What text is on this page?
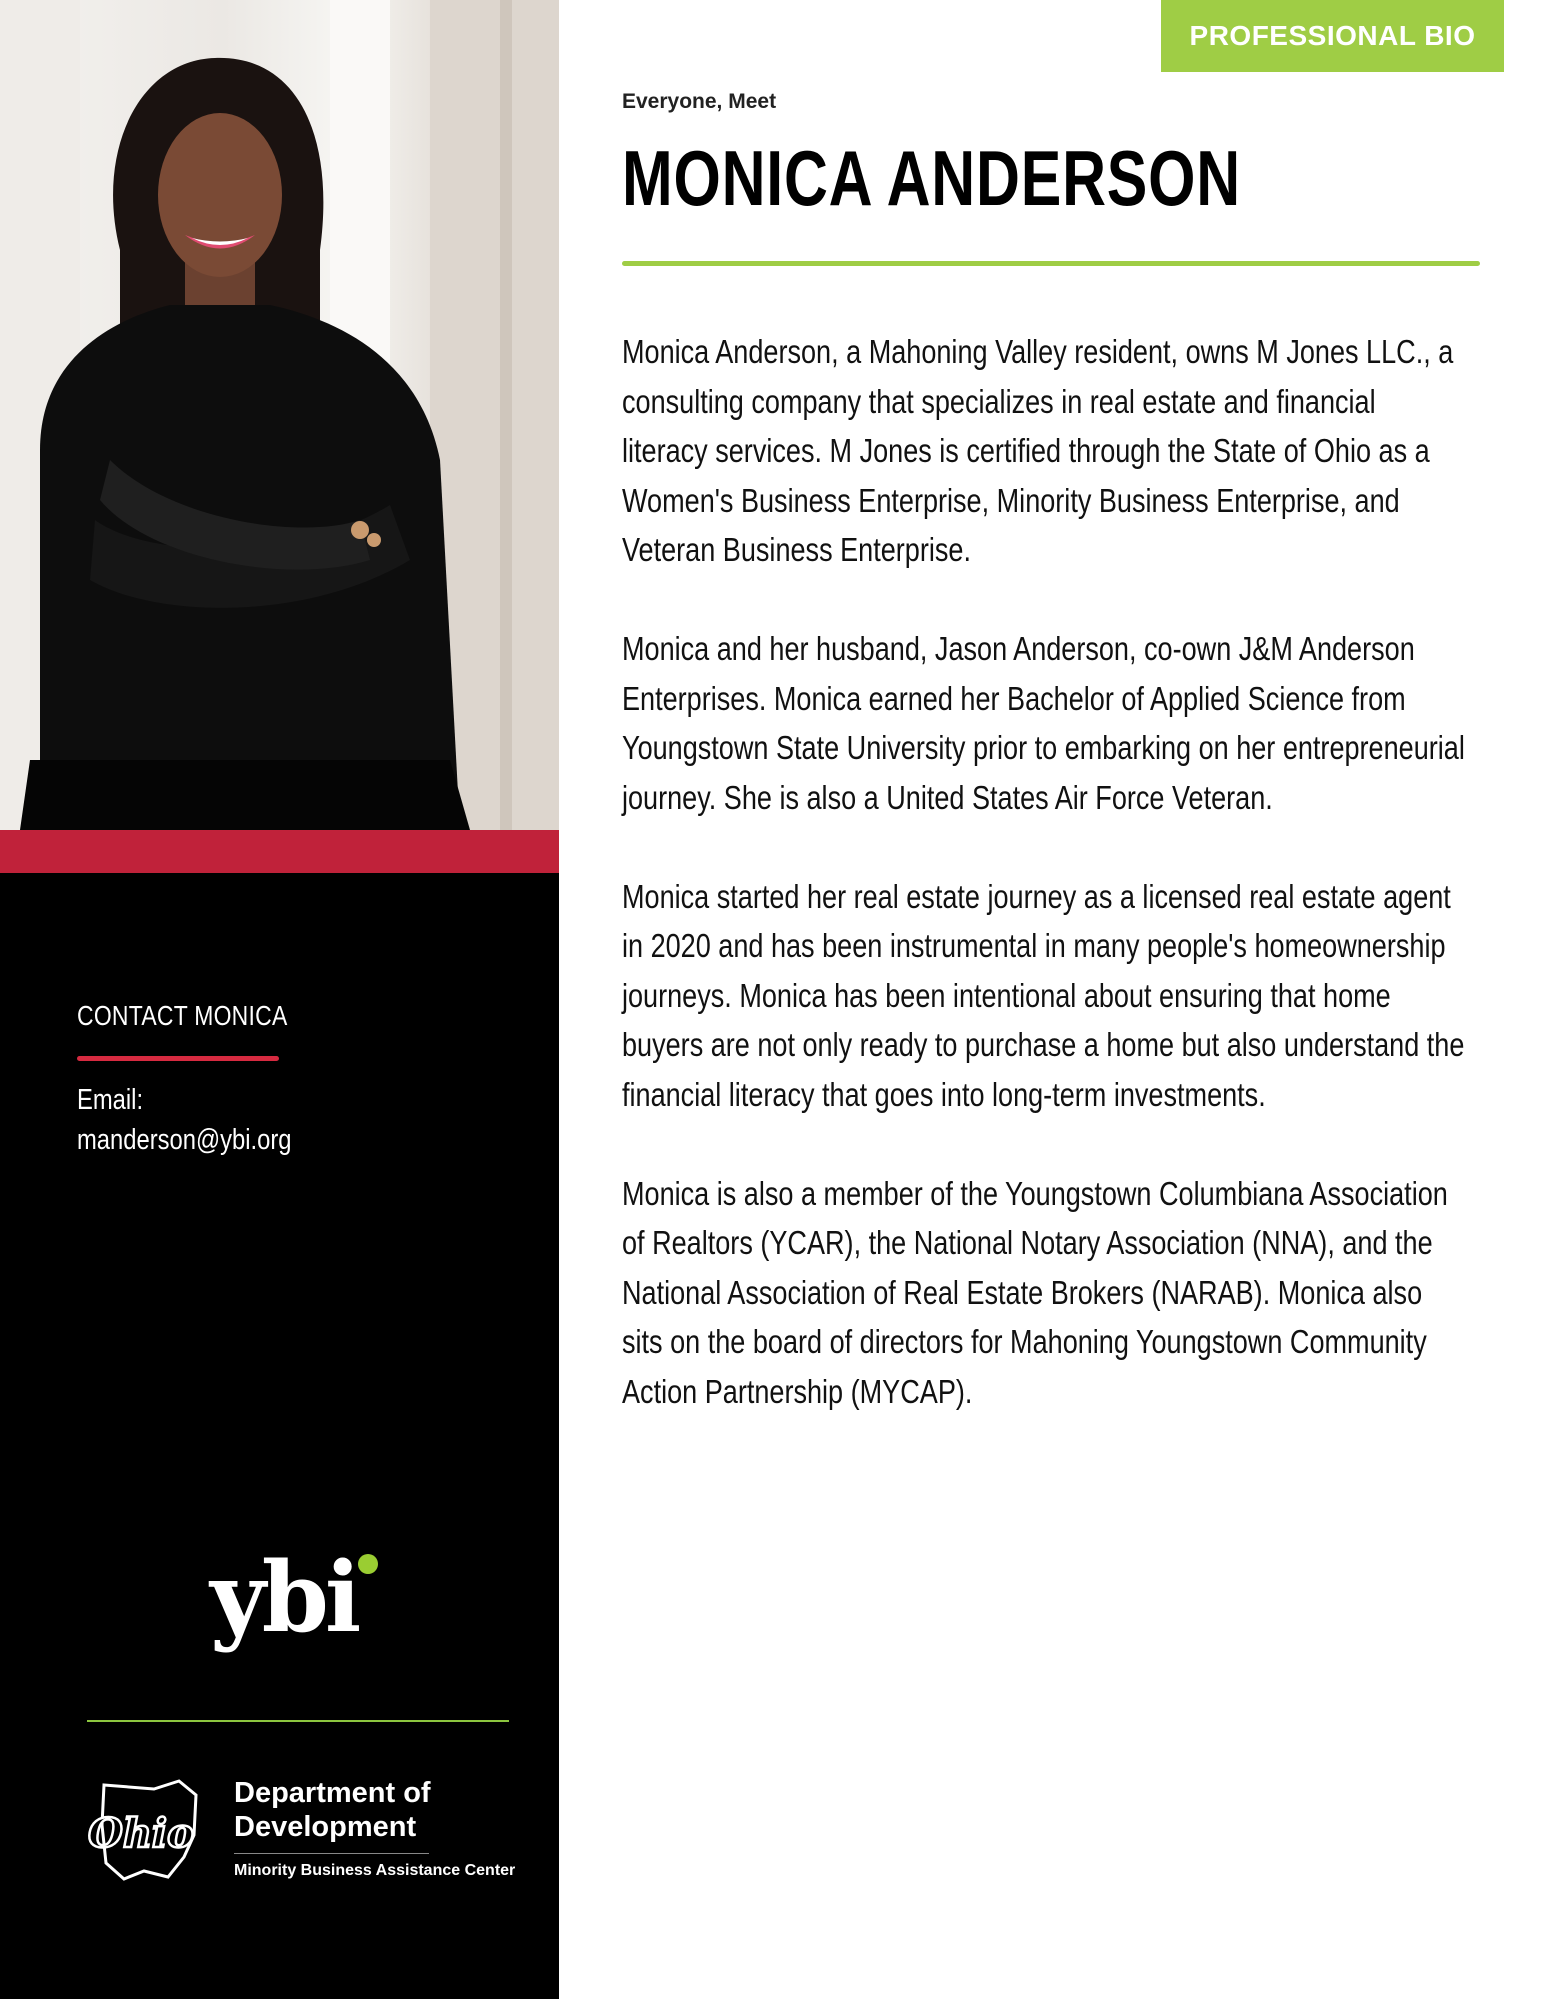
CONTACT MONICA
Email:
manderson@ybi.org
ybi
Ohio
Department of
Development
Minority Business Assistance Center
PROFESSIONAL BIO
Everyone, Meet
MONICA ANDERSON

Monica Anderson, a Mahoning Valley resident, owns M Jones LLC., a consulting company that specializes in real estate and financial literacy services. M Jones is certified through the State of Ohio as a Women's Business Enterprise, Minority Business Enterprise, and Veteran Business Enterprise.

Monica and her husband, Jason Anderson, co-own J&M Anderson Enterprises. Monica earned her Bachelor of Applied Science from Youngstown State University prior to embarking on her entrepreneurial journey. She is also a United States Air Force Veteran.

Monica started her real estate journey as a licensed real estate agent in 2020 and has been instrumental in many people's homeownership journeys. Monica has been intentional about ensuring that home buyers are not only ready to purchase a home but also understand the financial literacy that goes into long-term investments.

Monica is also a member of the Youngstown Columbiana Association of Realtors (YCAR), the National Notary Association (NNA), and the National Association of Real Estate Brokers (NARAB). Monica also sits on the board of directors for Mahoning Youngstown Community Action Partnership (MYCAP).
